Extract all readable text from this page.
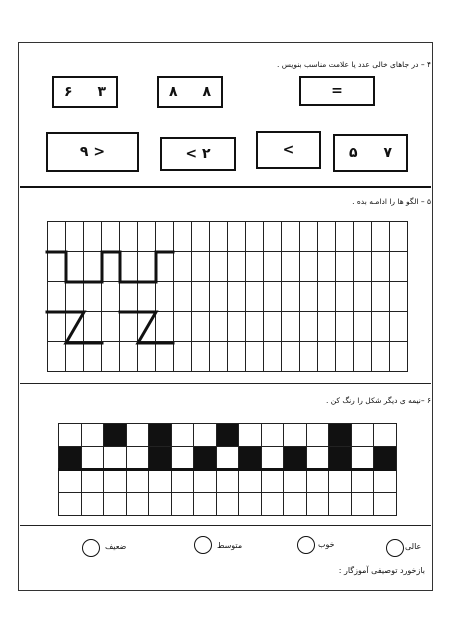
۴ – در جاهای خالی عدد یا علامت مناسب بنویس .
۶ ۳	۸ ۸	=
< ۹	۲ >	<	۵ ۷
۵ – الگو ها را ادامـه بده .
۶ –نیمه ی دیگر شکل را رنگ کن .
عالی
خوب
متوسط
ضعیف
بازخورد توصیفی آموزگار :
